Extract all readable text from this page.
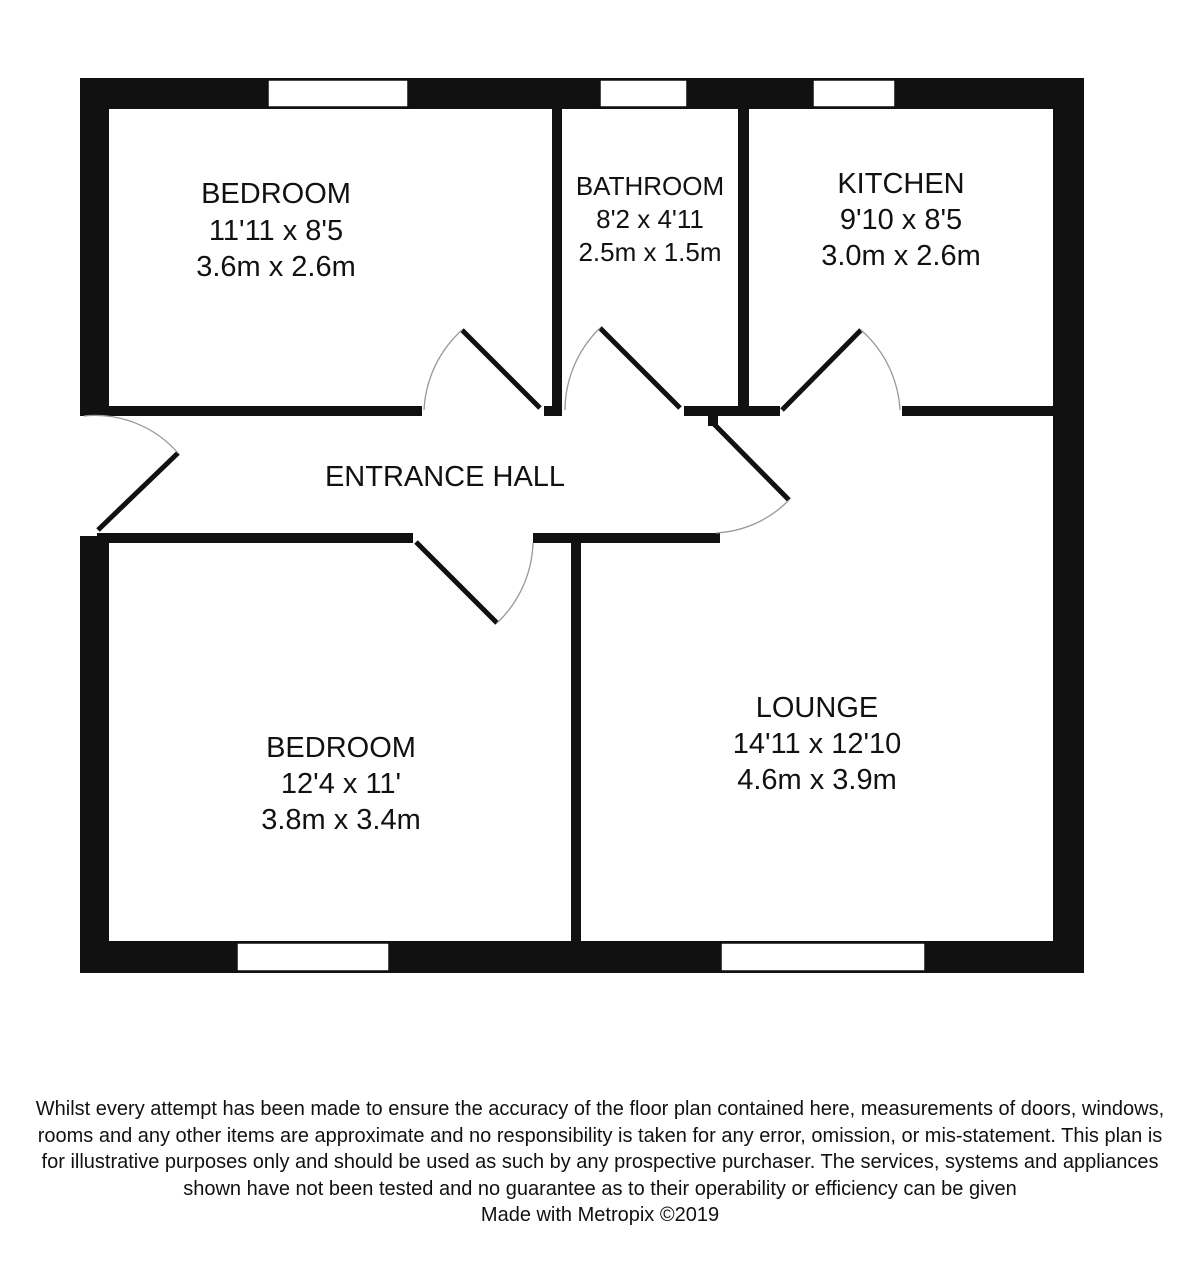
BEDROOM
11'11 x 8'5
3.6m x 2.6m
BATHROOM
8'2 x 4'11
2.5m x 1.5m
KITCHEN
9'10 x 8'5
3.0m x 2.6m
ENTRANCE HALL
BEDROOM
12'4 x 11'
3.8m x 3.4m
LOUNGE
14'11 x 12'10
4.6m x 3.9m

Whilst every attempt has been made to ensure the accuracy of the floor plan contained here, measurements of doors, windows, rooms and any other items are approximate and no responsibility is taken for any error, omission, or mis-statement. This plan is for illustrative purposes only and should be used as such by any prospective purchaser. The services, systems and appliances shown have not been tested and no guarantee as to their operability or efficiency can be given

Made with Metropix ©2019
